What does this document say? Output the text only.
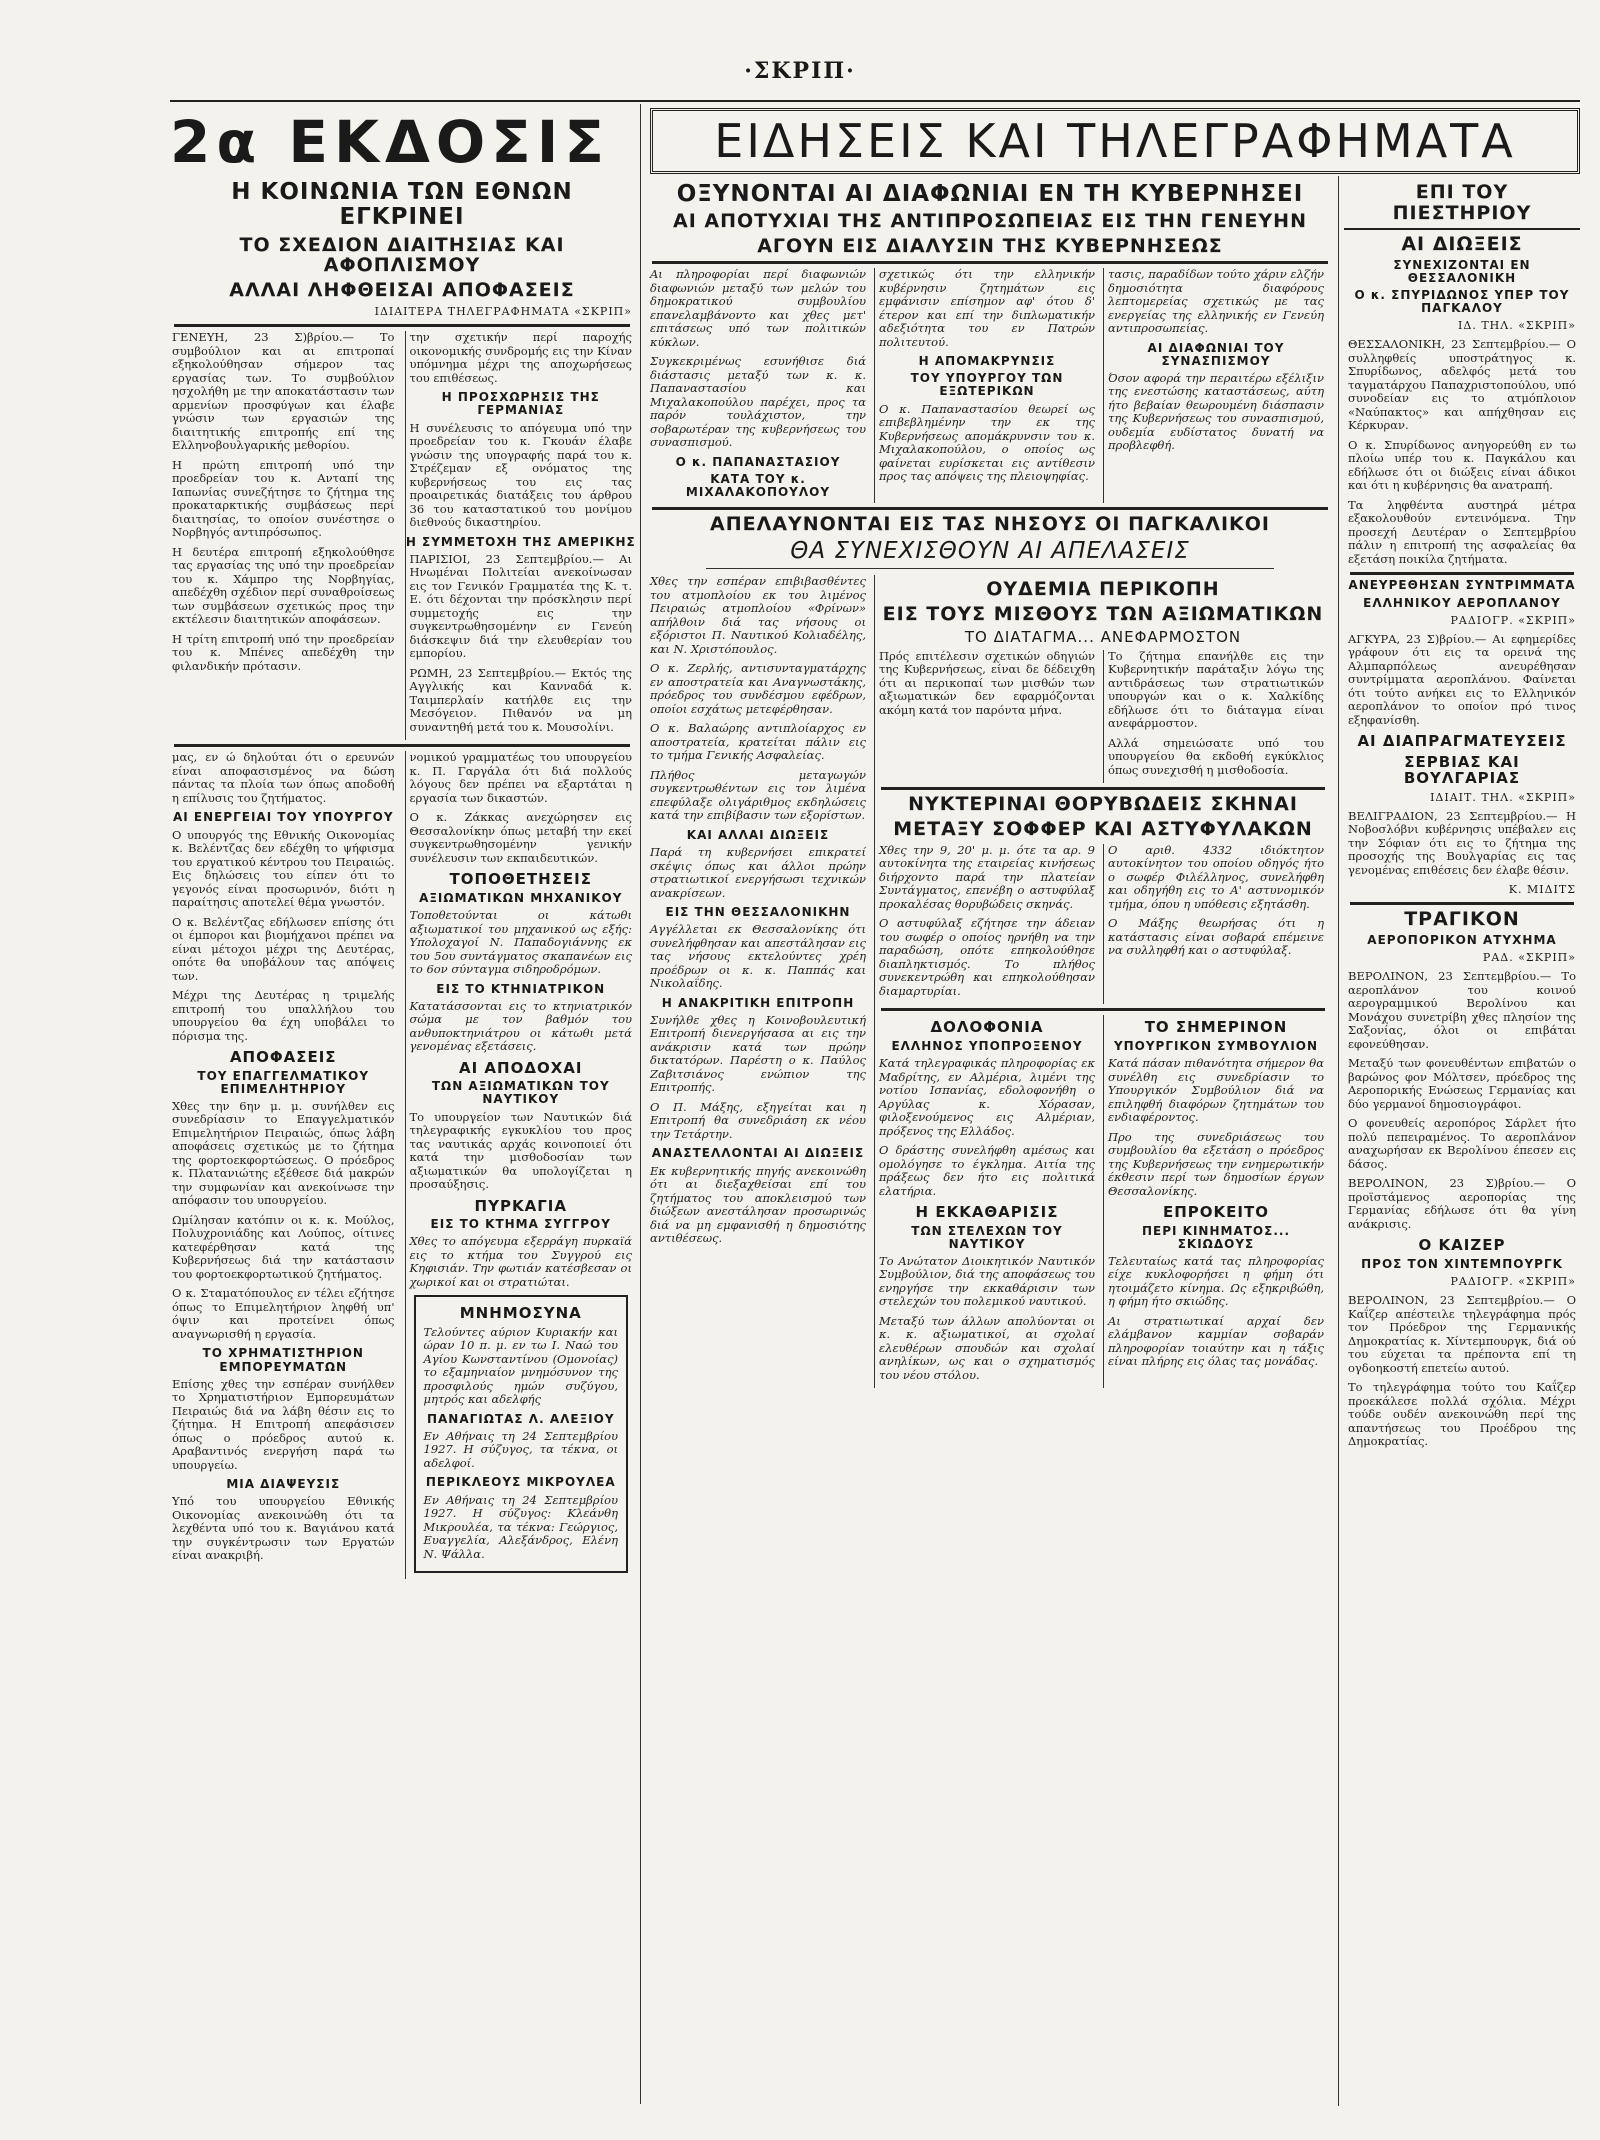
·ΣΚΡΙΠ·
2α ΕΚΔΟΣΙΣ	ΕΙΔΗΣΕΙΣ ΚΑΙ ΤΗΛΕΓΡΑΦΗΜΑΤΑ
Η ΚΟΙΝΩΝΙΑ ΤΩΝ ΕΘΝΩΝ ΕΓΚΡΙΝΕΙ
ΤΟ ΣΧΕΔΙΟΝ ΔΙΑΙΤΗΣΙΑΣ ΚΑΙ ΑΦΟΠΛΙΣΜΟΥ
ΑΛΛΑΙ ΛΗΦΘΕΙΣΑΙ ΑΠΟΦΑΣΕΙΣ
ΙΔΙΑΙΤΕΡΑ ΤΗΛΕΓΡΑΦΗΜΑΤΑ «ΣΚΡΙΠ»

ΓΕΝΕΥΗ, 23 Σ)βρίου.— Το συμβούλιον και αι επιτροπαί εξηκολούθησαν σήμερον τας εργασίας των. Το συμβούλιον ησχολήθη με την αποκατάστασιν των αρμενίων προσφύγων και έλαβε γνώσιν των εργασιών της διαιτητικής επιτροπής επί της Ελληνοβουλγαρικής μεθορίου.

Η πρώτη επιτροπή υπό την προεδρείαν του κ. Ανταπί της Ιαπωνίας συνεζήτησε το ζήτημα της προκαταρκτικής συμβάσεως περί διαιτησίας, το οποίον συνέστησε ο Νορβηγός αντιπρόσωπος.

Η δευτέρα επιτροπή εξηκολούθησε τας εργασίας της υπό την προεδρείαν του κ. Χάμπρο της Νορβηγίας, απεδέχθη σχέδιον περί συναθροίσεως των συμβάσεων σχετικώς προς την εκτέλεσιν διαιτητικών αποφάσεων.

Η τρίτη επιτροπή υπό την προεδρείαν του κ. Μπένες απεδέχθη την φιλανδικήν πρότασιν.

την σχετικήν περί παροχής οικονομικής συνδρομής εις την Κίναν υπόμνημα μέχρι της αποχωρήσεως του επιθέσεως.

Η ΠΡΟΣΧΩΡΗΣΙΣ ΤΗΣ ΓΕΡΜΑΝΙΑΣ

Η συνέλευσις το απόγευμα υπό την προεδρείαν του κ. Γκουάν έλαβε γνώσιν της υπογραφής παρά του κ. Στρέζεμαν εξ ονόματος της κυβερνήσεως του εις τας προαιρετικάς διατάξεις του άρθρου 36 του καταστατικού του μονίμου διεθνούς δικαστηρίου.

Η ΣΥΜΜΕΤΟΧΗ ΤΗΣ ΑΜΕΡΙΚΗΣ

ΠΑΡΙΣΙΟΙ, 23 Σεπτεμβρίου.— Αι Ηνωμέναι Πολιτείαι ανεκοίνωσαν εις τον Γενικόν Γραμματέα της Κ. τ. Ε. ότι δέχονται την πρόσκλησιν περί συμμετοχής εις την συγκεντρωθησομένην εν Γενεύη διάσκεψιν διά την ελευθερίαν του εμπορίου.

ΡΩΜΗ, 23 Σεπτεμβρίου.— Εκτός της Αγγλικής και Κανναδά κ. Ταιμπερλαίν κατήλθε εις την Μεσόγειον. Πιθανόν να μη συναντηθή μετά του κ. Μουσολίνι.

μας, εν ώ δηλούται ότι ο ερευνών είναι αποφασισμένος να δώση πάντας τα πλοία των όπως αποδοθή η επίλυσις του ζητήματος.

ΑΙ ΕΝΕΡΓΕΙΑΙ ΤΟΥ ΥΠΟΥΡΓΟΥ

Ο υπουργός της Εθνικής Οικονομίας κ. Βελέντζας δεν εδέχθη το ψήφισμα του εργατικού κέντρου του Πειραιώς. Εις δηλώσεις του είπεν ότι το γεγονός είναι προσωρινόν, διότι η παραίτησις αποτελεί θέμα γνωστόν.

Ο κ. Βελέντζας εδήλωσεν επίσης ότι οι έμποροι και βιομήχανοι πρέπει να είναι μέτοχοι μέχρι της Δευτέρας, οπότε θα υποβάλουν τας απόψεις των.

Μέχρι της Δευτέρας η τριμελής επιτροπή του υπαλλήλου του υπουργείου θα έχη υποβάλει το πόρισμα της.

ΑΠΟΦΑΣΕΙΣ
ΤΟΥ ΕΠΑΓΓΕΛΜΑΤΙΚΟΥ ΕΠΙΜΕΛΗΤΗΡΙΟΥ

Χθες την 6ην μ. μ. συνήλθεν εις συνεδρίασιν το Επαγγελματικόν Επιμελητήριον Πειραιώς, όπως λάβη αποφάσεις σχετικώς με το ζήτημα της φορτοεκφορτώσεως. Ο πρόεδρος κ. Πλατανιώτης εξέθεσε διά μακρών την συμφωνίαν και ανεκοίνωσε την απόφασιν του υπουργείου.

Ωμίλησαν κατόπιν οι κ. κ. Μούλος, Πολυχρονιάδης και Λούπος, οίτινες κατεφέρθησαν κατά της Κυβερνήσεως διά την κατάστασιν του φορτοεκφορτωτικού ζητήματος.

Ο κ. Σταματόπουλος εν τέλει εζήτησε όπως το Επιμελητήριον ληφθή υπ' όψιν και προτείνει όπως αναγνωρισθή η εργασία.

ΤΟ ΧΡΗΜΑΤΙΣΤΗΡΙΟΝ ΕΜΠΟΡΕΥΜΑΤΩΝ

Επίσης χθες την εσπέραν συνήλθεν το Χρηματιστήριον Εμπορευμάτων Πειραιώς διά να λάβη θέσιν εις το ζήτημα. Η Επιτροπή απεφάσισεν όπως ο πρόεδρος αυτού κ. Αραβαντινός ενεργήση παρά τω υπουργείω.

ΜΙΑ ΔΙΑΨΕΥΣΙΣ

Υπό του υπουργείου Εθνικής Οικονομίας ανεκοινώθη ότι τα λεχθέντα υπό του κ. Βαγιάνου κατά την συγκέντρωσιν των Εργατών είναι ανακριβή.

νομικού γραμματέως του υπουργείου κ. Π. Γαργάλα ότι διά πολλούς λόγους δεν πρέπει να εξαρτάται η εργασία των δικαστών.

Ο κ. Ζάκκας ανεχώρησεν εις Θεσσαλονίκην όπως μεταβή την εκεί συγκεντρωθησομένην γενικήν συνέλευσιν των εκπαιδευτικών.

ΤΟΠΟΘΕΤΗΣΕΙΣ
ΑΞΙΩΜΑΤΙΚΩΝ ΜΗΧΑΝΙΚΟΥ

Τοποθετούνται οι κάτωθι αξιωματικοί του μηχανικού ως εξής: Υπολοχαγοί Ν. Παπαδογιάννης εκ του 5ου συντάγματος σκαπανέων εις το 6ον σύνταγμα σιδηροδρόμων.

ΕΙΣ ΤΟ ΚΤΗΝΙΑΤΡΙΚΟΝ

Κατατάσσονται εις το κτηνιατρικόν σώμα με τον βαθμόν του ανθυποκτηνιάτρου οι κάτωθι μετά γενομένας εξετάσεις.

ΑΙ ΑΠΟΔΟΧΑΙ
ΤΩΝ ΑΞΙΩΜΑΤΙΚΩΝ ΤΟΥ ΝΑΥΤΙΚΟΥ

Το υπουργείον των Ναυτικών διά τηλεγραφικής εγκυκλίου του προς τας ναυτικάς αρχάς κοινοποιεί ότι κατά την μισθοδοσίαν των αξιωματικών θα υπολογίζεται η προσαύξησις.

ΠΥΡΚΑΓΙΑ
ΕΙΣ ΤΟ ΚΤΗΜΑ ΣΥΓΓΡΟΥ

Χθες το απόγευμα εξερράγη πυρκαϊά εις το κτήμα του Συγγρού εις Κηφισιάν. Την φωτιάν κατέσβεσαν οι χωρικοί και οι στρατιώται.

ΜΝΗΜΟΣΥΝΑ

Τελούντες αύριον Κυριακήν και ώραν 10 π. μ. εν τω Ι. Ναώ του Αγίου Κωνσταντίνου (Ομονοίας) το εξαμηνιαίον μνημόσυνον της προσφιλούς ημών συζύγου, μητρός και αδελφής

ΠΑΝΑΓΙΩΤΑΣ Λ. ΑΛΕΞΙΟΥ

Εν Αθήναις τη 24 Σεπτεμβρίου 1927. Η σύζυγος, τα τέκνα, οι αδελφοί.

ΠΕΡΙΚΛΕΟΥΣ ΜΙΚΡΟΥΛΕΑ

Εν Αθήναις τη 24 Σεπτεμβρίου 1927. Η σύζυγος: Κλεάνθη Μικρουλέα, τα τέκνα: Γεώργιος, Ευαγγελία, Αλεξάνδρος, Ελένη Ν. Ψάλλα.

ΟΞΥΝΟΝΤΑΙ ΑΙ ΔΙΑΦΩΝΙΑΙ ΕΝ ΤΗ ΚΥΒΕΡΝΗΣΕΙ
ΑΙ ΑΠΟΤΥΧΙΑΙ ΤΗΣ ΑΝΤΙΠΡΟΣΩΠΕΙΑΣ ΕΙΣ ΤΗΝ ΓΕΝΕΥΗΝ
ΑΓΟΥΝ ΕΙΣ ΔΙΑΛΥΣΙΝ ΤΗΣ ΚΥΒΕΡΝΗΣΕΩΣ

Αι πληροφορίαι περί διαφωνιών διαφωνιών μεταξύ των μελών του δημοκρατικού συμβουλίου επανελαμβάνοντο και χθες μετ' επιτάσεως υπό των πολιτικών κύκλων.

Συγκεκριμένως εσυνήθισε διά διάστασις μεταξύ των κ. κ. Παπαναστασίου και Μιχαλακοπούλου παρέχει, προς τα παρόν τουλάχιστον, την σοβαρωτέραν της κυβερνήσεως του συνασπισμού.

Ο κ. ΠΑΠΑΝΑΣΤΑΣΙΟΥ
ΚΑΤΑ ΤΟΥ κ. ΜΙΧΑΛΑΚΟΠΟΥΛΟΥ

σχετικώς ότι την ελληνικήν κυβέρνησιν ζητημάτων εις εμφάνισιν επίσημον αφ' ότου δ' έτερον και επί την διπλωματικήν αδεξιότητα του εν Πατρών πολιτευτού.

Η ΑΠΟΜΑΚΡΥΝΣΙΣ
ΤΟΥ ΥΠΟΥΡΓΟΥ ΤΩΝ ΕΞΩΤΕΡΙΚΩΝ

Ο κ. Παπαναστασίου θεωρεί ως επιβεβλημένην την εκ της Κυβερνήσεως απομάκρυνσιν του κ. Μιχαλακοπούλου, ο οποίος ως φαίνεται ευρίσκεται εις αντίθεσιν προς τας απόψεις της πλειοψηφίας.

τασις, παραδίδων τούτο χάριν ελζήν δημοσιότητα διαφόρους λεπτομερείας σχετικώς με τας ενεργείας της ελληνικής εν Γενεύη αντιπροσωπείας.

ΑΙ ΔΙΑΦΩΝΙΑΙ ΤΟΥ ΣΥΝΑΣΠΙΣΜΟΥ

Όσον αφορά την περαιτέρω εξέλιξιν της ενεστώσης καταστάσεως, αύτη ήτο βεβαίαν θεωρουμένη διάσπασιν της Κυβερνήσεως του συνασπισμού, ουδεμία ευδίστατος δυνατή να προβλεφθή.

ΑΠΕΛΑΥΝΟΝΤΑΙ ΕΙΣ ΤΑΣ ΝΗΣΟΥΣ ΟΙ ΠΑΓΚΑΛΙΚΟΙ
ΘΑ ΣΥΝΕΧΙΣΘΟΥΝ ΑΙ ΑΠΕΛΑΣΕΙΣ

Χθες την εσπέραν επιβιβασθέντες του ατμοπλοίου εκ του λιμένος Πειραιώς ατμοπλοίου «Φρίνων» απήλθοιν διά τας νήσους οι εξόριστοι Π. Ναυτικού Κολιαδέλης, και Ν. Χριστόπουλος.

Ο κ. Ζερλής, αντισυνταγματάρχης εν αποστρατεία και Αναγνωστάκης, πρόεδρος του συνδέσμου εφέδρων, οποίοι εσχάτως μετεφέρθησαν.

Ο κ. Βαλαώρης αντιπλοίαρχος εν αποστρατεία, κρατείται πάλιν εις το τμήμα Γενικής Ασφαλείας.

Πλήθος μεταγωγών συγκεντρωθέντων εις τον λιμένα επεφύλαξε ολιγάριθμος εκδηλώσεις κατά την επιβίβασιν των εξορίστων.

ΚΑΙ ΑΛΛΑΙ ΔΙΩΞΕΙΣ

Παρά τη κυβερνήσει επικρατεί σκέψις όπως και άλλοι πρώην στρατιωτικοί ενεργήσωσι τεχνικών ανακρίσεων.

ΕΙΣ ΤΗΝ ΘΕΣΣΑΛΟΝΙΚΗΝ

Αγγέλλεται εκ Θεσσαλονίκης ότι συνελήφθησαν και απεστάλησαν εις τας νήσους εκτελούντες χρέη προέδρων οι κ. κ. Παππάς και Νικολαΐδης.

Η ΑΝΑΚΡΙΤΙΚΗ ΕΠΙΤΡΟΠΗ

Συνήλθε χθες η Κοινοβουλευτική Επιτροπή διενεργήσασα αι εις την ανάκρισιν κατά των πρώην δικτατόρων. Παρέστη ο κ. Παύλος Ζαβιτσιάνος ενώπιον της Επιτροπής.

Ο Π. Μάξης, εξηγείται και η Επιτροπή θα συνεδριάση εκ νέου την Τετάρτην.

ΑΝΑΣΤΕΛΛΟΝΤΑΙ ΑΙ ΔΙΩΞΕΙΣ

Εκ κυβερνητικής πηγής ανεκοινώθη ότι αι διεξαχθείσαι επί του ζητήματος του αποκλεισμού των διώξεων ανεστάλησαν προσωρινώς διά να μη εμφανισθή η δημοσιότης αντιθέσεως.

ΟΥΔΕΜΙΑ ΠΕΡΙΚΟΠΗ
ΕΙΣ ΤΟΥΣ ΜΙΣΘΟΥΣ ΤΩΝ ΑΞΙΩΜΑΤΙΚΩΝ
ΤΟ ΔΙΑΤΑΓΜΑ... ΑΝΕΦΑΡΜΟΣΤΟΝ

Πρός επιτέλεσιν σχετικών οδηγιών της Κυβερνήσεως, είναι δε δέδειχθη ότι αι περικοπαί των μισθών των αξιωματικών δεν εφαρμόζονται ακόμη κατά τον παρόντα μήνα.

Το ζήτημα επανήλθε εις την Κυβερνητικήν παράταξιν λόγω της αντιδράσεως των στρατιωτικών υπουργών και ο κ. Χαλκίδης εδήλωσε ότι το διάταγμα είναι ανεφάρμοστον.

Αλλά σημειώσατε υπό του υπουργείου θα εκδοθή εγκύκλιος όπως συνεχισθή η μισθοδοσία.

ΝΥΚΤΕΡΙΝΑΙ ΘΟΡΥΒΩΔΕΙΣ ΣΚΗΝΑΙ
ΜΕΤΑΞΥ ΣΟΦΦΕΡ ΚΑΙ ΑΣΤΥΦΥΛΑΚΩΝ

Χθες την 9, 20' μ. μ. ότε τα αρ. 9 αυτοκίνητα της εταιρείας κινήσεως διήρχοντο παρά την πλατείαν Συντάγματος, επενέβη ο αστυφύλαξ προκαλέσας θορυβώδεις σκηνάς.

Ο αστυφύλαξ εζήτησε την άδειαν του σωφέρ ο οποίος ηρνήθη να την παραδώση, οπότε επηκολούθησε διαπληκτισμός. Το πλήθος συνεκεντρώθη και επηκολούθησαν διαμαρτυρίαι.

Ο αριθ. 4332 ιδιόκτητον αυτοκίνητον του οποίου οδηγός ήτο ο σωφέρ Φιλέλληνος, συνελήφθη και οδηγήθη εις το Α' αστυνομικόν τμήμα, όπου η υπόθεσις εξητάσθη.

Ο Μάξης θεωρήσας ότι η κατάστασις είναι σοβαρά επέμεινε να συλληφθή και ο αστυφύλαξ.

ΔΟΛΟΦΟΝΙΑ
ΕΛΛΗΝΟΣ ΥΠΟΠΡΟΞΕΝΟΥ

Κατά τηλεγραφικάς πληροφορίας εκ Μαδρίτης, εν Αλμέρια, λιμένι της νοτίου Ισπανίας, εδολοφονήθη ο Αργύλας κ. Χόρασαν, φιλοξενούμενος εις Αλμέριαν, πρόξενος της Ελλάδος.

Ο δράστης συνελήφθη αμέσως και ομολόγησε το έγκλημα. Αιτία της πράξεως δεν ήτο εις πολιτικά ελατήρια.

Η ΕΚΚΑΘΑΡΙΣΙΣ
ΤΩΝ ΣΤΕΛΕΧΩΝ ΤΟΥ ΝΑΥΤΙΚΟΥ

Το Ανώτατον Διοικητικόν Ναυτικόν Συμβούλιον, διά της αποφάσεως του ενηργήσε την εκκαθάρισιν των στελεχών του πολεμικού ναυτικού.

Μεταξύ των άλλων απολύονται οι κ. κ. αξιωματικοί, αι σχολαί ελευθέρων σπουδών και σχολαί ανηλίκων, ως και ο σχηματισμός του νέου στόλου.

ΤΟ ΣΗΜΕΡΙΝΟΝ
ΥΠΟΥΡΓΙΚΟΝ ΣΥΜΒΟΥΛΙΟΝ

Κατά πάσαν πιθανότητα σήμερον θα συνέλθη εις συνεδρίασιν το Υπουργικόν Συμβούλιον διά να επιληφθή διαφόρων ζητημάτων του ενδιαφέροντος.

Προ της συνεδριάσεως του συμβουλίου θα εξετάση ο πρόεδρος της Κυβερνήσεως την ενημερωτικήν έκθεσιν περί των δημοσίων έργων Θεσσαλονίκης.

ΕΠΡΟΚΕΙΤΟ
ΠΕΡΙ ΚΙΝΗΜΑΤΟΣ... ΣΚΙΩΔΟΥΣ

Τελευταίως κατά τας πληροφορίας είχε κυκλοφορήσει η φήμη ότι ητοιμάζετο κίνημα. Ως εξηκριβώθη, η φήμη ήτο σκιώδης.

Αι στρατιωτικαί αρχαί δεν ελάμβανον καμμίαν σοβαράν πληροφορίαν τοιαύτην και η τάξις είναι πλήρης εις όλας τας μονάδας.

ΕΠΙ ΤΟΥ ΠΙΕΣΤΗΡΙΟΥ
ΑΙ ΔΙΩΞΕΙΣ
ΣΥΝΕΧΙΖΟΝΤΑΙ ΕΝ ΘΕΣΣΑΛΟΝΙΚΗ
Ο κ. ΣΠΥΡΙΔΩΝΟΣ ΥΠΕΡ ΤΟΥ ΠΑΓΚΑΛΟΥ
ΙΔ. ΤΗΛ. «ΣΚΡΙΠ»

ΘΕΣΣΑΛΟΝΙΚΗ, 23 Σεπτεμβρίου.— Ο συλληφθείς υποστράτηγος κ. Σπυρίδωνος, αδελφός μετά του ταγματάρχου Παπαχριστοπούλου, υπό συνοδείαν εις το ατμόπλοιον «Ναύπακτος» και απήχθησαν εις Κέρκυραν.

Ο κ. Σπυρίδωνος ανηγορεύθη εν τω πλοίω υπέρ του κ. Παγκάλου και εδήλωσε ότι οι διώξεις είναι άδικοι και ότι η κυβέρνησις θα ανατραπή.

Τα ληφθέντα αυστηρά μέτρα εξακολουθούν εντεινόμενα. Την προσεχή Δευτέραν ο Σεπτεμβρίου πάλιν η επιτροπή της ασφαλείας θα εξετάση ποικίλα ζητήματα.

ΑΝΕΥΡΕΘΗΣΑΝ ΣΥΝΤΡΙΜΜΑΤΑ
ΕΛΛΗΝΙΚΟΥ ΑΕΡΟΠΛΑΝΟΥ
ΡΑΔΙΟΓΡ. «ΣΚΡΙΠ»

ΑΓΚΥΡΑ, 23 Σ)βρίου.— Αι εφημερίδες γράφουν ότι εις τα ορεινά της Αλμπαρπόλεως ανευρέθησαν συντρίμματα αεροπλάνου. Φαίνεται ότι τούτο ανήκει εις το Ελληνικόν αεροπλάνον το οποίον πρό τινος εξηφανίσθη.

ΑΙ ΔΙΑΠΡΑΓΜΑΤΕΥΣΕΙΣ
ΣΕΡΒΙΑΣ ΚΑΙ ΒΟΥΛΓΑΡΙΑΣ
ΙΔΙΑΙΤ. ΤΗΛ. «ΣΚΡΙΠ»

ΒΕΛΙΓΡΑΔΙΟΝ, 23 Σεπτεμβρίου.— Η Νοβοσλόβνι κυβέρνησις υπέβαλεν εις την Σόφιαν ότι εις το ζήτημα της προσοχής της Βουλγαρίας εις τας γενομένας επιθέσεις δεν έλαβε θέσιν.

Κ. ΜΙΔΙΤΣ
ΤΡΑΓΙΚΟΝ
ΑΕΡΟΠΟΡΙΚΟΝ ΑΤΥΧΗΜΑ
ΡΑΔ. «ΣΚΡΙΠ»

ΒΕΡΟΛΙΝΟΝ, 23 Σεπτεμβρίου.— Το αεροπλάνον του κοινού αερογραμμικού Βερολίνου και Μονάχου συνετρίβη χθες πλησίον της Σαξονίας, όλοι οι επιβάται εφονεύθησαν.

Μεταξύ των φονευθέντων επιβατών ο βαρώνος φον Μόλτσεν, πρόεδρος της Αεροπορικής Ενώσεως Γερμανίας και δύο γερμανοί δημοσιογράφοι.

Ο φονευθείς αεροπόρος Σάρλετ ήτο πολύ πεπειραμένος. Το αεροπλάνον αναχωρήσαν εκ Βερολίνου έπεσεν εις δάσος.

ΒΕΡΟΛΙΝΟΝ, 23 Σ)βρίου.— Ο προϊστάμενος αεροπορίας της Γερμανίας εδήλωσε ότι θα γίνη ανάκρισις.

Ο ΚΑΙΖΕΡ
ΠΡΟΣ ΤΟΝ ΧΙΝΤΕΜΠΟΥΡΓΚ
ΡΑΔΙΟΓΡ. «ΣΚΡΙΠ»

ΒΕΡΟΛΙΝΟΝ, 23 Σεπτεμβρίου.— Ο Καΐζερ απέστειλε τηλεγράφημα πρός τον Πρόεδρον της Γερμανικής Δημοκρατίας κ. Χίντεμπουργκ, διά ού του εύχεται τα πρέποντα επί τη ογδοηκοστή επετείω αυτού.

Το τηλεγράφημα τούτο του Καΐζερ προεκάλεσε πολλά σχόλια. Μέχρι τούδε ουδέν ανεκοινώθη περί της απαντήσεως του Προέδρου της Δημοκρατίας.
